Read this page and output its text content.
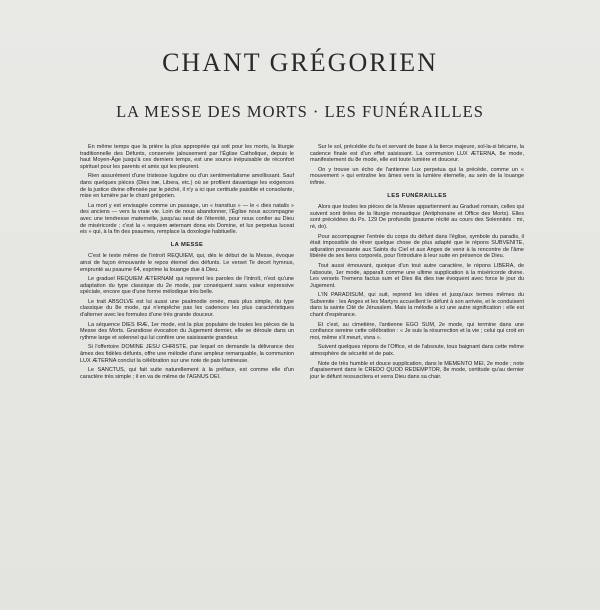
CHANT GRÉGORIEN
LA MESSE DES MORTS · LES FUNÉRAILLES

En même temps que la prière la plus appropriée qui soit pour les morts, la liturgie traditionnelle des Défunts, conservée jalousement par l'Église Catholique, depuis le haut Moyen-Âge jusqu'à ces derniers temps, est une source inépuisable de réconfort spirituel pour les parents et amis qui les pleurent.

Rien assurément d'une tristesse lugubre ou d'un sentimentalisme amollissant. Sauf dans quelques pièces (Dies iræ, Libera, etc.) où se profilent davantage les exigences de la justice divine offensée par le péché, il n'y a ici que certitude paisible et consolante, mise en lumière par le chant grégorien.

La mort y est envisagée comme un passage, un « transitus » — le « dies natalis » des anciens — vers la vraie vie. Loin de nous abandonner, l'Église nous accompagne avec une tendresse maternelle, jusqu'au seuil de l'éternité, pour nous confier au Dieu de miséricorde ; c'est la « requiem æternam dona eis Domine, et lux perpetua luceat eis » qui, à la fin des psaumes, remplace la doxologie habituelle.

LA MESSE

C'est le texte même de l'introït REQUIEM, qui, dès le début de la Messe, évoque ainsi de façon émouvante le repos éternel des défunts. Le verset Te decet hymnus, emprunté au psaume 64, exprime la louange due à Dieu.

Le graduel REQUIEM ÆTERNAM qui reprend les paroles de l'introït, n'est qu'une adaptation du type classique du 2e mode, par conséquent sans valeur expressive spéciale, encore que d'une forme mélodique très belle.

Le trait ABSOLVE est lui aussi une psalmodie ornée, mais plus simple, du type classique du 8e mode, qui n'empêche pas les cadences les plus caractéristiques d'alterner avec les formules d'une très grande douceur.

La séquence DIES IRÆ, 1er mode, est la plus populaire de toutes les pièces de la Messe des Morts. Grandiose évocation du Jugement dernier, elle se déroule dans un rythme large et solennel qui lui confère une saisissante grandeur.

Si l'offertoire DOMINE JESU CHRISTE, par lequel on demande la délivrance des âmes des fidèles défunts, offre une mélodie d'une ampleur remarquable, la communion LUX ÆTERNA conclut la célébration sur une note de paix lumineuse.

Le SANCTUS, qui fait suite naturellement à la préface, est comme elle d'un caractère très simple ; il en va de même de l'AGNUS DEI.

Sur le sol, précédée du fa et servant de base à la tierce majeure, sol-la-si bécarre, la cadence finale est d'un effet saisissant. La communion LUX ÆTERNA, 8e mode, manifestement du 8e mode, elle est toute lumière et douceur.

On y trouve un écho de l'antienne Lux perpetua qui la précède, comme un « mouvement » qui entraîne les âmes vers la lumière éternelle, au sein de la louange infinie.

LES FUNÉRAILLES

Alors que toutes les pièces de la Messe appartiennent au Graduel romain, celles qui suivent sont tirées de la liturgie monastique (Antiphonaire et Office des Morts). Elles sont précédées du Ps. 129 De profundis (psaume récité au cours des Solennités : mi, ré, do).

Pour accompagner l'entrée du corps du défunt dans l'église, symbole du paradis, il était impossible de rêver quelque chose de plus adapté que le répons SUBVENITE, adjuration pressante aux Saints du Ciel et aux Anges de venir à la rencontre de l'âme libérée de ses liens corporels, pour l'introduire à leur suite en présence de Dieu.

Tout aussi émouvant, quoique d'un tout autre caractère, le répons LIBERA, de l'absoute, 1er mode, apparaît comme une ultime supplication à la miséricorde divine. Les versets Tremens factus sum et Dies illa dies iræ évoquent avec force le jour du Jugement.

L'IN PARADISUM, qui suit, reprend les idées et jusqu'aux termes mêmes du Subvenite : les Anges et les Martyrs accueillent le défunt à son arrivée, et le conduisent dans la sainte Cité de Jérusalem. Mais la mélodie a ici une autre signification : elle est chant d'espérance.

Et c'est, au cimetière, l'antienne EGO SUM, 2e mode, qui termine dans une confiance sereine cette célébration : « Je suis la résurrection et la vie ; celui qui croit en moi, même s'il meurt, vivra ».

Suivent quelques répons de l'Office, et de l'absoute, tous baignant dans cette même atmosphère de sécurité et de paix.

Note de très humble et douce supplication, dans le MEMENTO MEI, 2e mode ; note d'apaisement dans le CREDO QUOD REDEMPTOR, 8e mode, certitude qu'au dernier jour le défunt ressuscitera et verra Dieu dans sa chair.
